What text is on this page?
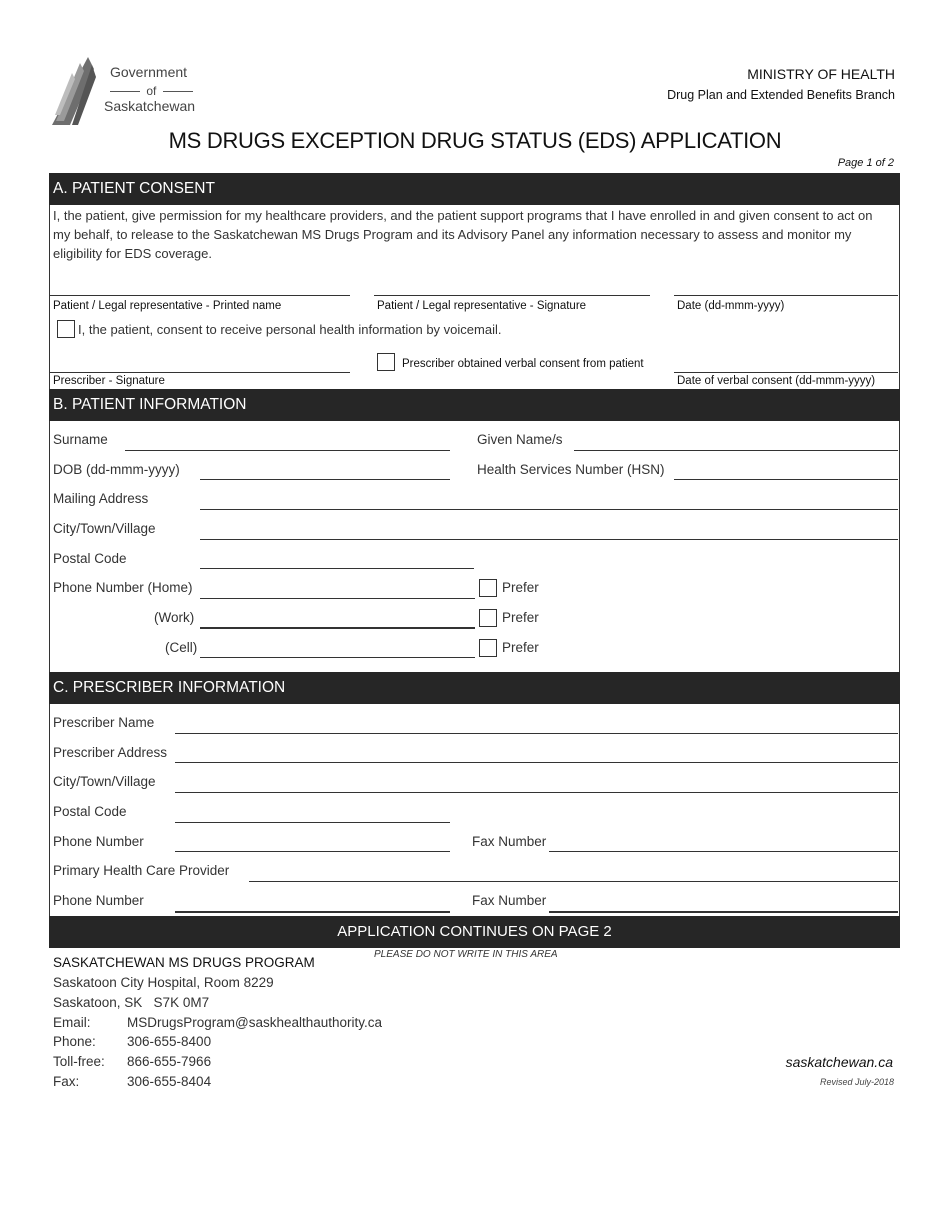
Government
of
Saskatchewan
MINISTRY OF HEALTH
Drug Plan and Extended Benefits Branch
MS DRUGS EXCEPTION DRUG STATUS (EDS) APPLICATION
Page 1 of 2
A. PATIENT CONSENT
I, the patient, give permission for my healthcare providers, and the patient support programs that I have enrolled in and given consent to act on my behalf, to release to the Saskatchewan MS Drugs Program and its Advisory Panel any information necessary to assess and monitor my eligibility for EDS coverage.
Patient / Legal representative - Printed name	Patient / Legal representative - Signature	Date (dd-mmm-yyyy)
I, the patient, consent to receive personal health information by voicemail.
Prescriber obtained verbal consent from patient
Prescriber - Signature	Date of verbal consent (dd-mmm-yyyy)
B. PATIENT INFORMATION
Surname	Given Name/s
DOB (dd-mmm-yyyy)	Health Services Number (HSN)
Mailing Address
City/Town/Village
Postal Code
Phone Number (Home)	Prefer
(Work)	Prefer
(Cell)	Prefer
C. PRESCRIBER INFORMATION
Prescriber Name
Prescriber Address
City/Town/Village
Postal Code
Phone Number	Fax Number
Primary Health Care Provider
Phone Number	Fax Number
APPLICATION CONTINUES ON PAGE 2
PLEASE DO NOT WRITE IN THIS AREA
SASKATCHEWAN MS DRUGS PROGRAM
Saskatoon City Hospital, Room 8229
Saskatoon, SK   S7K 0M7
Email:	MSDrugsProgram@saskhealthauthority.ca
Phone: 306-655-8400
Toll-free: 866-655-7966
Fax:	306-655-8404
saskatchewan.ca
Revised July-2018
